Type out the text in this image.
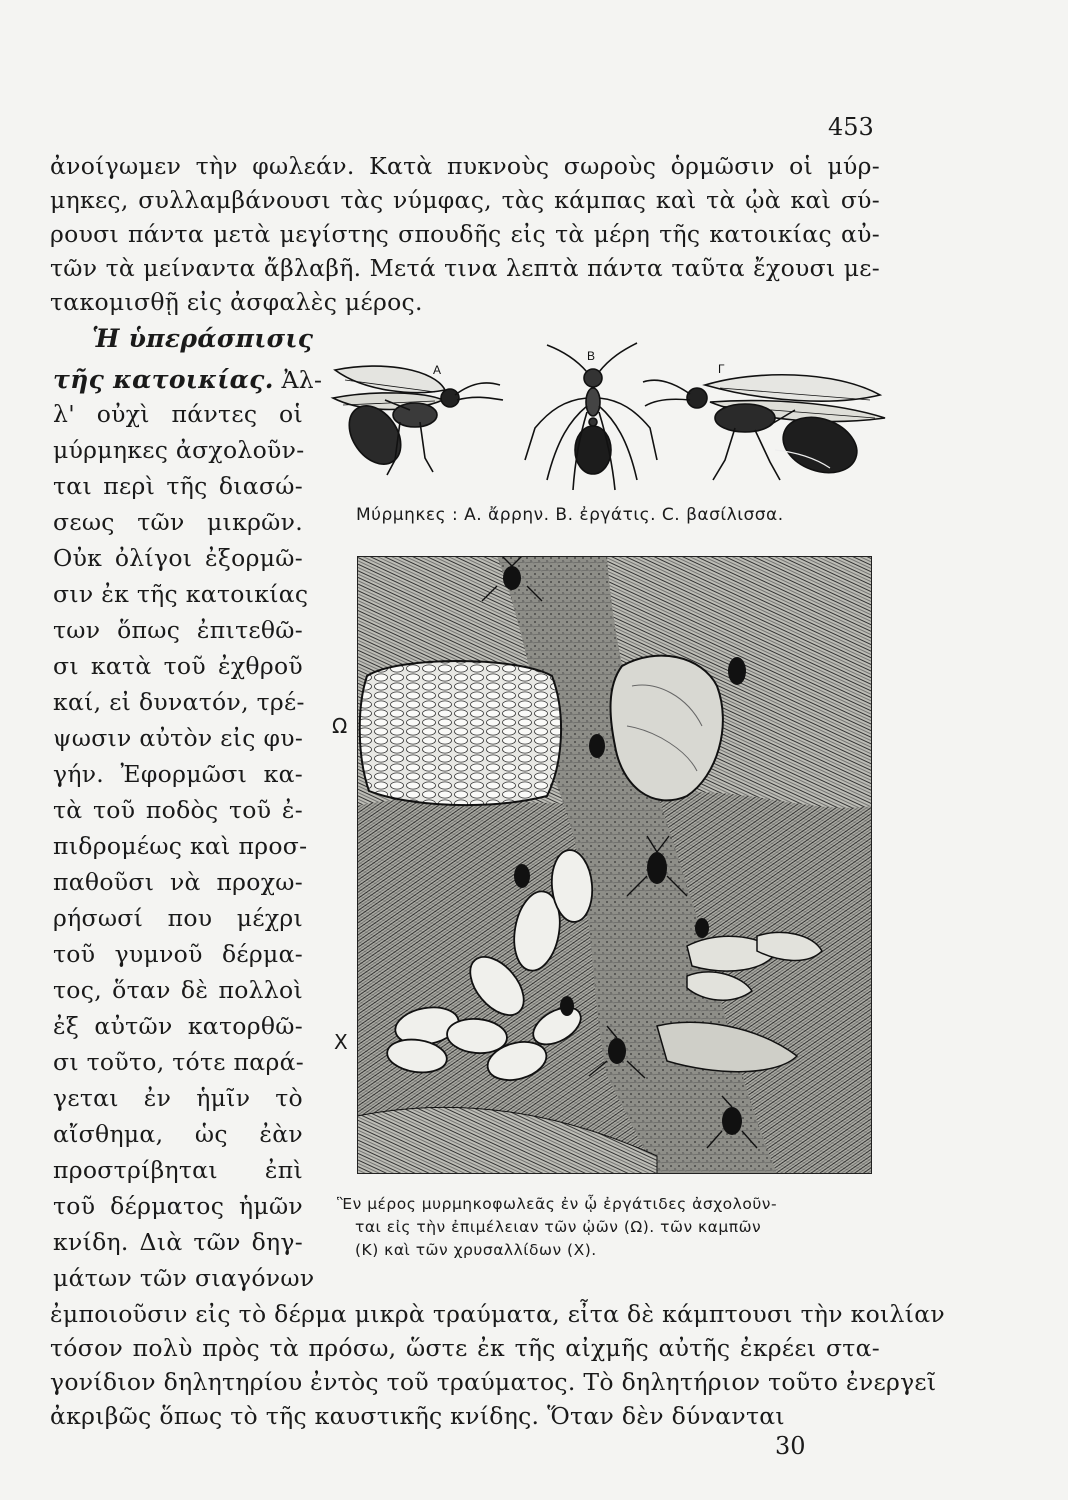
453
ἀνοίγωμεν τὴν φωλεάν. Κατὰ πυκνοὺς σωροὺς ὁρμῶσιν οἱ μύρ-
μηκες, συλλαμβάνουσι τὰς νύμφας, τὰς κάμπας καὶ τὰ ᾠὰ καὶ σύ-
ρουσι πάντα μετὰ μεγίστης σπουδῆς εἰς τὰ μέρη τῆς κατοικίας αὐ-
τῶν τὰ μείναντα ἄβλαβῆ. Μετά τινα λεπτὰ πάντα ταῦτα ἔχουσι με-
τακομισθῇ εἰς ἀσφαλὲς μέρος.
Ἡ ὑπεράσπισις
τῆς κατοικίας. Ἀλ-
λ' οὐχὶ πάντες οἱ
μύρμηκες ἀσχολοῦν-
ται περὶ τῆς διασώ-
σεως τῶν μικρῶν.
Οὐκ ὀλίγοι ἐξορμῶ-
σιν ἐκ τῆς κατοικίας
των ὅπως ἐπιτεθῶ-
σι κατὰ τοῦ ἐχθροῦ
καί, εἰ δυνατόν, τρέ-
ψωσιν αὐτὸν εἰς φυ-
γήν. Ἐφορμῶσι κα-
τὰ τοῦ ποδὸς τοῦ ἐ-
πιδρομέως καὶ προσ-
παθοῦσι νὰ προχω-
ρήσωσί που μέχρι
τοῦ γυμνοῦ δέρμα-
τος, ὅταν δὲ πολλοὶ
ἐξ αὐτῶν κατορθῶ-
σι τοῦτο, τότε παρά-
γεται ἐν ἡμῖν τὸ
αἴσθημα, ὡς ἐὰν
προστρίβηται ἐπὶ
τοῦ δέρματος ἡμῶν
κνίδη. Διὰ τῶν δηγ-
μάτων τῶν σιαγόνων
ἐμποιοῦσιν εἰς τὸ δέρμα μικρὰ τραύματα, εἶτα δὲ κάμπτουσι τὴν κοιλίαν
τόσον πολὺ πρὸς τὰ πρόσω, ὥστε ἐκ τῆς αἰχμῆς αὐτῆς ἐκρέει στα-
γονίδιον δηλητηρίου ἐντὸς τοῦ τραύματος. Τὸ δηλητήριον τοῦτο ἐνεργεῖ
ἀκριβῶς ὅπως τὸ τῆς καυστικῆς κνίδης. Ὅταν δὲν δύνανται
30
A
B
Γ
Μύρμηκες : Α. ἄρρην. Β. ἐργάτις. C. βασίλισσα.
Ω
X
Ἓν μέρος μυρμηκοφωλεᾶς ἐν ᾧ ἐργάτιδες ἀσχολοῦν-
ται εἰς τὴν ἐπιμέλειαν τῶν ᾠῶν (Ω). τῶν καμπῶν
(Κ) καὶ τῶν χρυσαλλίδων (Χ).
